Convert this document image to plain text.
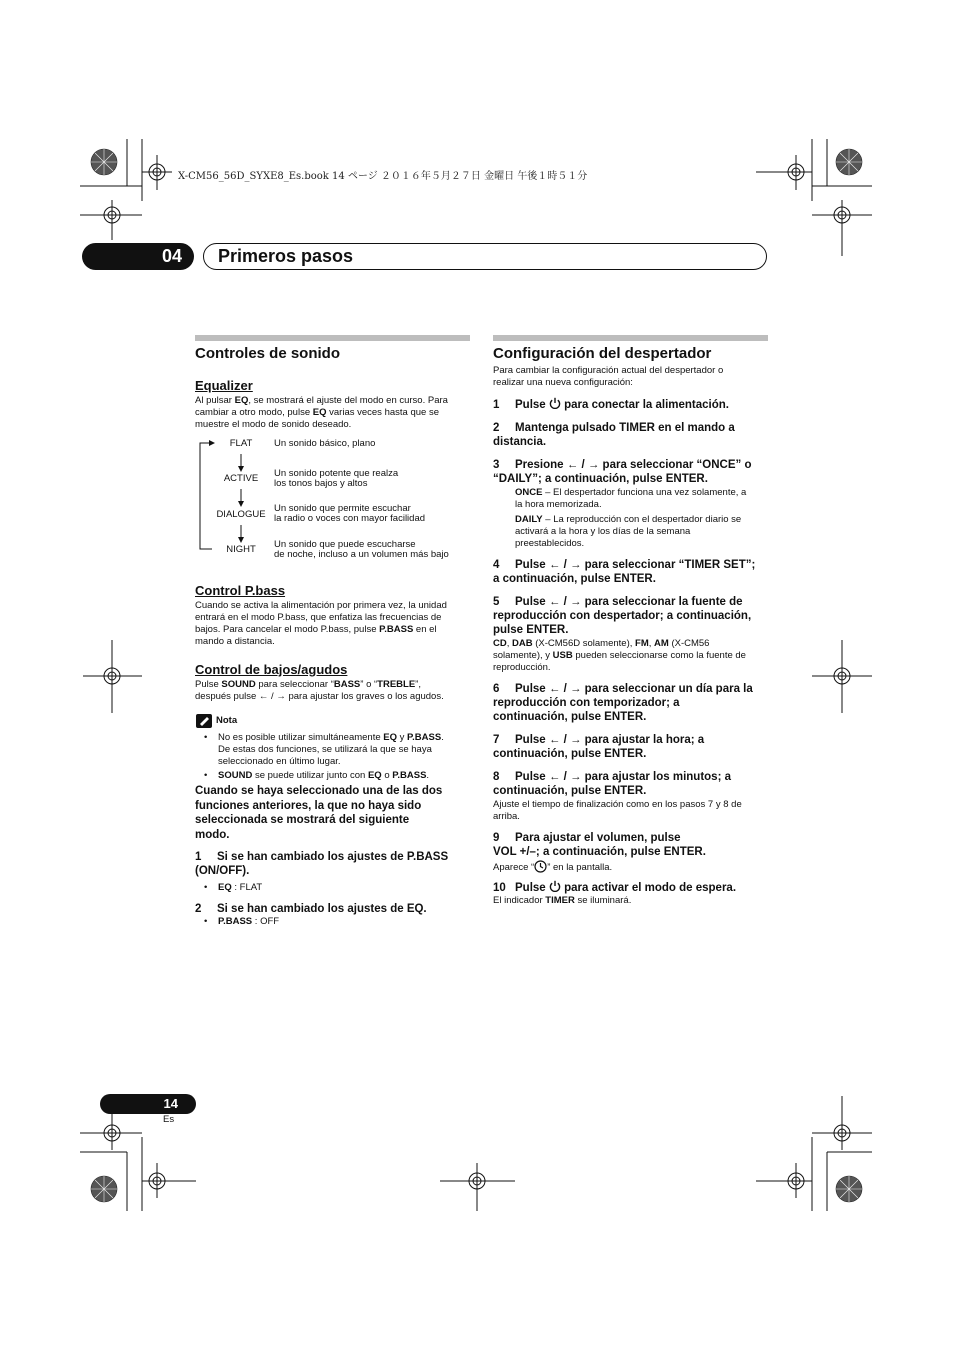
X-CM56_56D_SYXE8_Es.book 14 ページ ２０１６年５月２７日 金曜日 午後１時５１分
04	Primeros pasos
Controles de sonido
Equalizer
Al pulsar EQ, se mostrará el ajuste del modo en curso. Para
cambiar a otro modo, pulse EQ varias veces hasta que se
muestre el modo de sonido deseado.
FLAT
ACTIVE
DIALOGUE
NIGHT
Un sonido básico, plano
Un sonido potente que realza
los tonos bajos y altos
Un sonido que permite escuchar
la radio o voces con mayor facilidad
Un sonido que puede escucharse
de noche, incluso a un volumen más bajo
Control P.bass
Cuando se activa la alimentación por primera vez, la unidad
entrará en el modo P.bass, que enfatiza las frecuencias de
bajos. Para cancelar el modo P.bass, pulse P.BASS en el
mando a distancia.
Control de bajos/agudos
Pulse SOUND para seleccionar “BASS” o “TREBLE”,
después pulse ← / → para ajustar los graves o los agudos.
Nota
• No es posible utilizar simultáneamente EQ y P.BASS.
De estas dos funciones, se utilizará la que se haya
seleccionado en último lugar.
• SOUND se puede utilizar junto con EQ o P.BASS.
Cuando se haya seleccionado una de las dos
funciones anteriores, la que no haya sido
seleccionada se mostrará del siguiente
modo.
1 Si se han cambiado los ajustes de P.BASS
(ON/OFF).
• EQ : FLAT
2 Si se han cambiado los ajustes de EQ.
• P.BASS : OFF
Configuración del despertador
Para cambiar la configuración actual del despertador o
realizar una nueva configuración:
1 Pulse  para conectar la alimentación.
2 Mantenga pulsado TIMER en el mando a
distancia.
3 Presione ← / → para seleccionar “ONCE” o
“DAILY”; a continuación, pulse ENTER.
ONCE – El despertador funciona una vez solamente, a
la hora memorizada.
DAILY – La reproducción con el despertador diario se
activará a la hora y los días de la semana
preestablecidos.
4 Pulse ← / → para seleccionar “TIMER SET”;
a continuación, pulse ENTER.
5 Pulse ← / → para seleccionar la fuente de
reproducción con despertador; a continuación,
pulse ENTER.
CD, DAB (X-CM56D solamente), FM, AM (X-CM56
solamente), y USB pueden seleccionarse como la fuente de
reproducción.
6 Pulse ← / → para seleccionar un día para la
reproducción con temporizador; a
continuación, pulse ENTER.
7 Pulse ← / → para ajustar la hora; a
continuación, pulse ENTER.
8 Pulse ← / → para ajustar los minutos; a
continuación, pulse ENTER.
Ajuste el tiempo de finalización como en los pasos 7 y 8 de
arriba.
9 Para ajustar el volumen, pulse
VOL +/–; a continuación, pulse ENTER.
Aparece “ ” en la pantalla.
10 Pulse  para activar el modo de espera.
El indicador TIMER se iluminará.
14
Es
